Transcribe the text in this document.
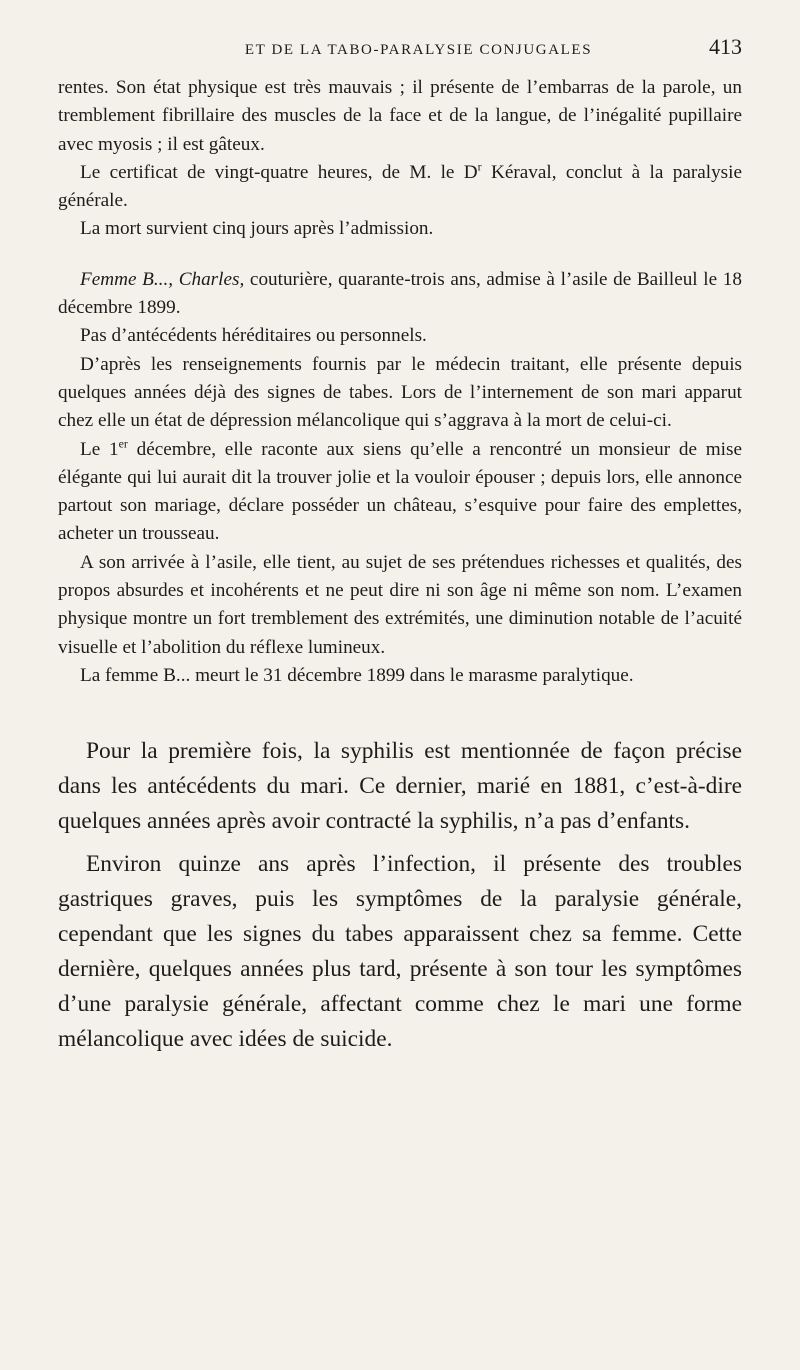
ET DE LA TABO-PARALYSIE CONJUGALES	413

rentes. Son état physique est très mauvais ; il présente de l’embarras de la parole, un tremblement fibrillaire des muscles de la face et de la langue, de l’inégalité pupillaire avec myosis ; il est gâteux.

Le certificat de vingt-quatre heures, de M. le $D^r$ Kéraval, conclut à la paralysie générale.

La mort survient cinq jours après l’admission.

Femme B..., Charles, couturière, quarante-trois ans, admise à l’asile de Bailleul le 18 décembre 1899.

Pas d’antécédents héréditaires ou personnels.

D’après les renseignements fournis par le médecin traitant, elle présente depuis quelques années déjà des signes de tabes. Lors de l’internement de son mari apparut chez elle un état de dépression mélancolique qui s’aggrava à la mort de celui-ci.

Le 1er décembre, elle raconte aux siens qu’elle a rencontré un monsieur de mise élégante qui lui aurait dit la trouver jolie et la vouloir épouser ; depuis lors, elle annonce partout son mariage, déclare posséder un château, s’esquive pour faire des emplettes, acheter un trousseau.

A son arrivée à l’asile, elle tient, au sujet de ses prétendues richesses et qualités, des propos absurdes et incohérents et ne peut dire ni son âge ni même son nom. L’examen physique montre un fort tremblement des extrémités, une diminution notable de l’acuité visuelle et l’abolition du réflexe lumineux.

La femme B... meurt le 31 décembre 1899 dans le marasme paralytique.

Pour la première fois, la syphilis est mentionnée de façon précise dans les antécédents du mari. Ce dernier, marié en 1881, c’est-à-dire quelques années après avoir contracté la syphilis, n’a pas d’enfants.

Environ quinze ans après l’infection, il présente des troubles gastriques graves, puis les symptômes de la paralysie générale, cependant que les signes du tabes apparaissent chez sa femme. Cette dernière, quelques années plus tard, présente à son tour les symptômes d’une paralysie générale, affectant comme chez le mari une forme mélancolique avec idées de suicide.
